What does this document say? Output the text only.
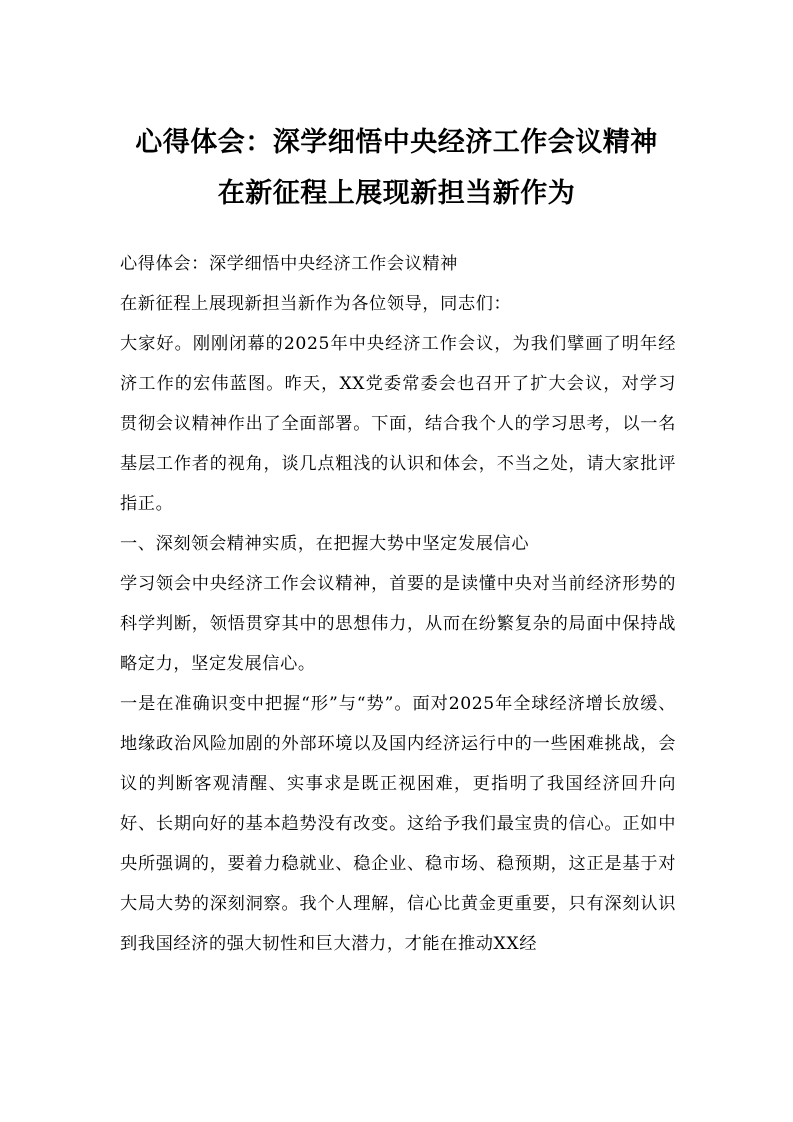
心得体会：深学细悟中央经济工作会议精神
在新征程上展现新担当新作为

心得体会：深学细悟中央经济工作会议精神

在新征程上展现新担当新作为各位领导，同志们：

大家好。刚刚闭幕的2025年中央经济工作会议，为我们擘画了明年经济工作的宏伟蓝图。昨天，XX党委常委会也召开了扩大会议，对学习贯彻会议精神作出了全面部署。下面，结合我个人的学习思考，以一名基层工作者的视角，谈几点粗浅的认识和体会，不当之处，请大家批评指正。

一、深刻领会精神实质，在把握大势中坚定发展信心

学习领会中央经济工作会议精神，首要的是读懂中央对当前经济形势的科学判断，领悟贯穿其中的思想伟力，从而在纷繁复杂的局面中保持战略定力，坚定发展信心。

一是在准确识变中把握“形”与“势”。面对2025年全球经济增长放缓、地缘政治风险加剧的外部环境以及国内经济运行中的一些困难挑战，会议的判断客观清醒、实事求是既正视困难，更指明了我国经济回升向好、长期向好的基本趋势没有改变。这给予我们最宝贵的信心。正如中央所强调的，要着力稳就业、稳企业、稳市场、稳预期，这正是基于对大局大势的深刻洞察。我个人理解，信心比黄金更重要，只有深刻认识到我国经济的强大韧性和巨大潜力，才能在推动XX经
